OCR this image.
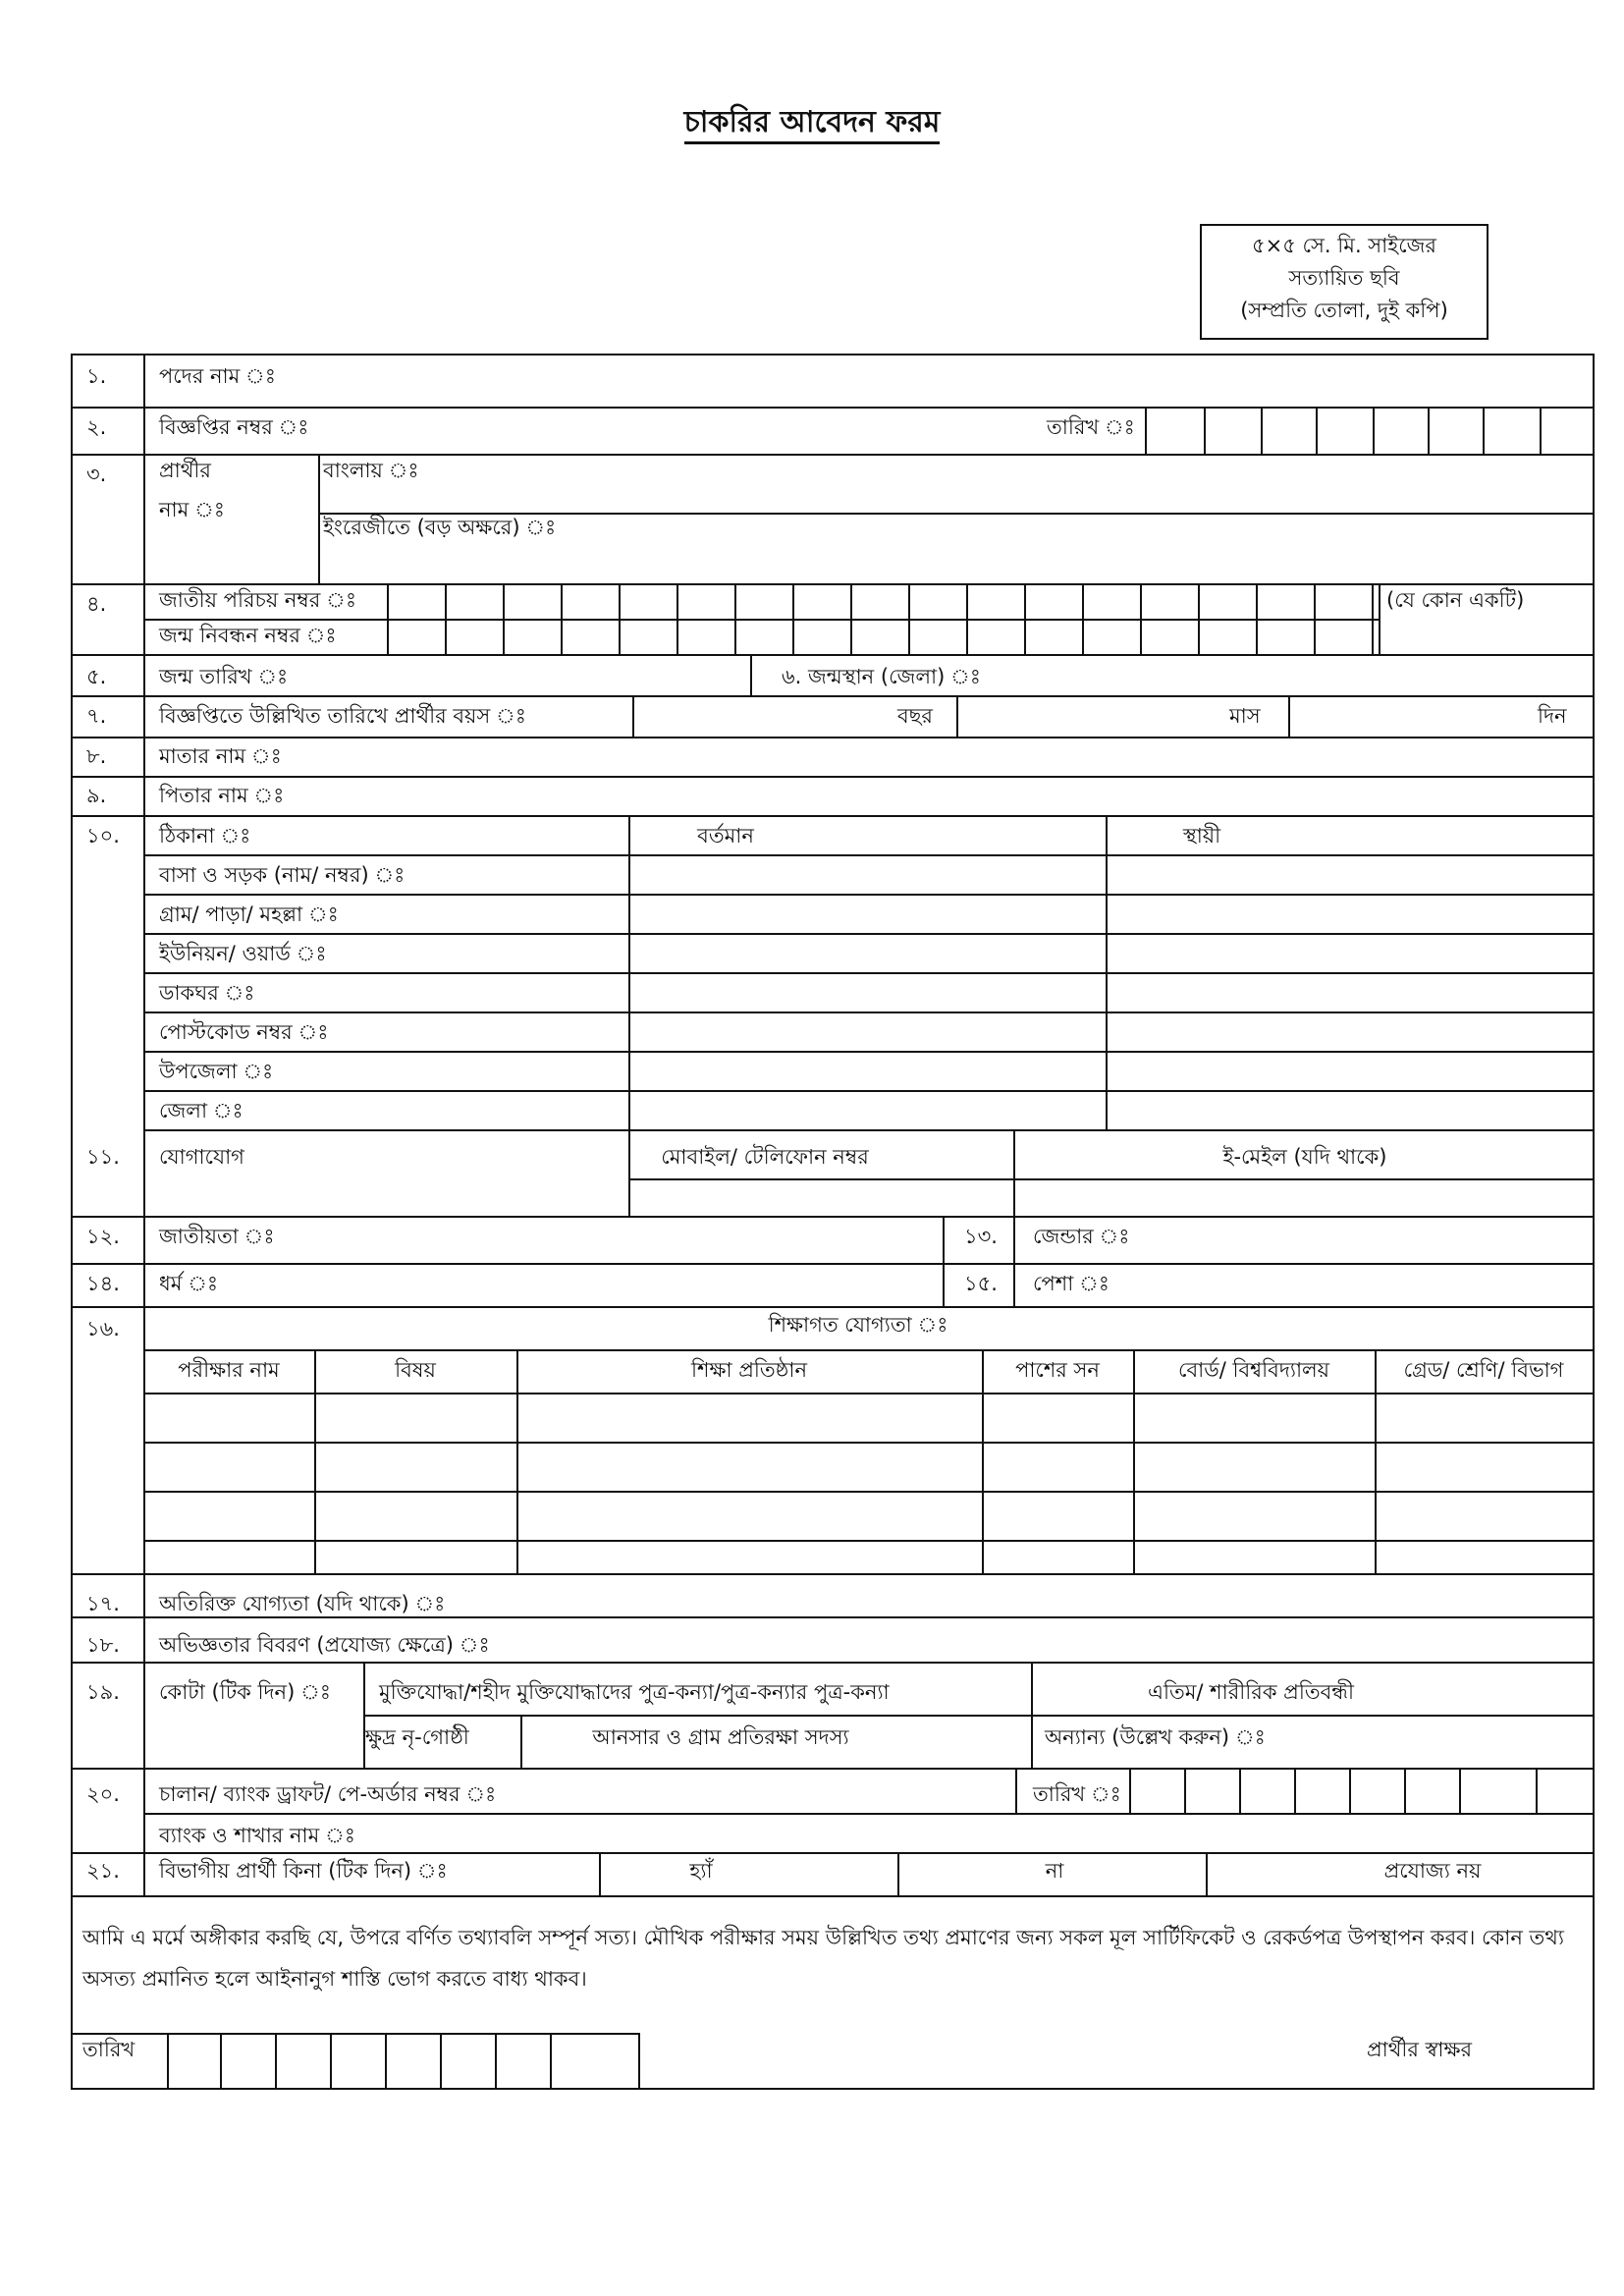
চাকরির আবেদন ফরম
৫×৫ সে. মি. সাইজের
সত্যায়িত ছবি
(সম্প্রতি তোলা, দুই কপি)
১.	পদের নাম ঃ
২.	বিজ্ঞপ্তির নম্বর ঃ	তারিখ ঃ
৩.	প্রার্থীর
নাম ঃ
বাংলায় ঃ
ইংরেজীতে (বড় অক্ষরে) ঃ
৪.	জাতীয় পরিচয় নম্বর ঃ
জন্ম নিবন্ধন নম্বর ঃ
(যে কোন একটি)
৫.	জন্ম তারিখ ঃ	৬. জন্মস্থান (জেলা) ঃ
৭.	বিজ্ঞপ্তিতে উল্লিখিত তারিখে প্রার্থীর বয়স ঃ	বছর	মাস	দিন
৮.	মাতার নাম ঃ
৯.	পিতার নাম ঃ
১০. ঠিকানা ঃ	বর্তমান	স্থায়ী
বাসা ও সড়ক (নাম/ নম্বর) ঃ
গ্রাম/ পাড়া/ মহল্লা ঃ
ইউনিয়ন/ ওয়ার্ড ঃ
ডাকঘর ঃ
পোস্টকোড নম্বর ঃ
উপজেলা ঃ
জেলা ঃ
১১. যোগাযোগ	মোবাইল/ টেলিফোন নম্বর	ই-মেইল (যদি থাকে)
১২. জাতীয়তা ঃ	১৩. জেন্ডার ঃ
১৪. ধর্ম ঃ	১৫. পেশা ঃ
১৬.	শিক্ষাগত যোগ্যতা ঃ
পরীক্ষার নাম	বিষয়	শিক্ষা প্রতিষ্ঠান	পাশের সন	বোর্ড/ বিশ্ববিদ্যালয়	গ্রেড/ শ্রেণি/ বিভাগ
১৭. অতিরিক্ত যোগ্যতা (যদি থাকে) ঃ
১৮. অভিজ্ঞতার বিবরণ (প্রযোজ্য ক্ষেত্রে) ঃ
১৯. কোটা (টিক দিন) ঃ মুক্তিযোদ্ধা/শহীদ মুক্তিযোদ্ধাদের পুত্র-কন্যা/পুত্র-কন্যার পুত্র-কন্যা	এতিম/ শারীরিক প্রতিবন্ধী
ক্ষুদ্র নৃ-গোষ্ঠী	আনসার ও গ্রাম প্রতিরক্ষা সদস্য	অন্যান্য (উল্লেখ করুন) ঃ
২০. চালান/ ব্যাংক ড্রাফট/ পে-অর্ডার নম্বর ঃ	তারিখ ঃ
ব্যাংক ও শাখার নাম ঃ
২১. বিভাগীয় প্রার্থী কিনা (টিক দিন) ঃ	হ্যাঁ	না	প্রযোজ্য নয়
আমি এ মর্মে অঙ্গীকার করছি যে, উপরে বর্ণিত তথ্যাবলি সম্পূর্ন সত্য। মৌখিক পরীক্ষার সময় উল্লিখিত তথ্য প্রমাণের জন্য সকল মূল সার্টিফিকেট ও রেকর্ডপত্র উপস্থাপন করব। কোন তথ্য অসত্য প্রমানিত হলে আইনানুগ শাস্তি ভোগ করতে বাধ্য থাকব।
তারিখ	প্রার্থীর স্বাক্ষর
